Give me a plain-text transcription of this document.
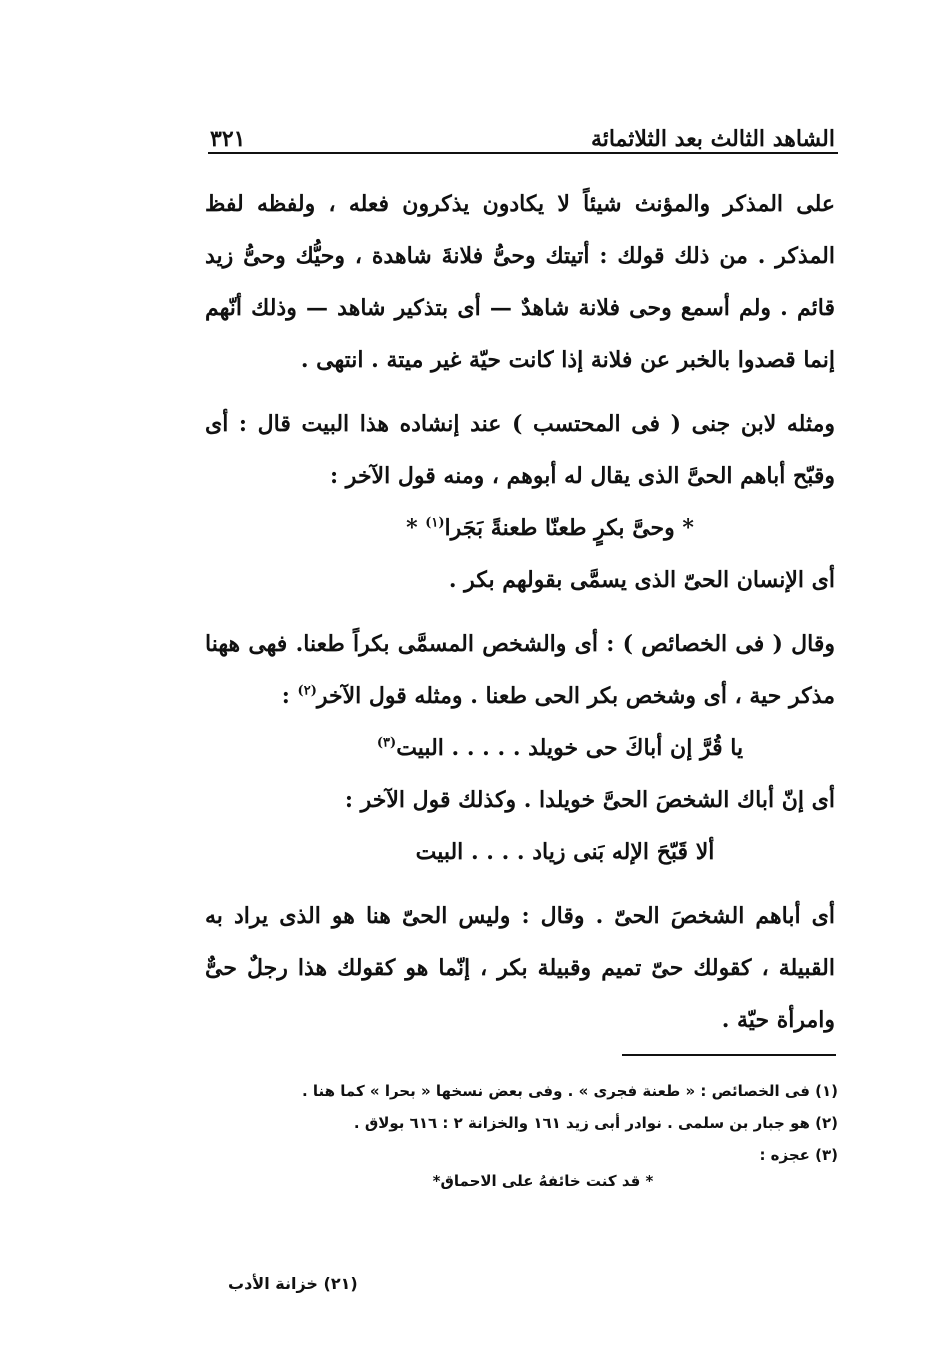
الشاهد الثالث بعد الثلاثمائة
٣٢١

على المذكر والمؤنث شيئاً لا يكادون يذكرون فعله ، ولفظه لفظ المذكر . من ذلك قولك : أتيتك وحىُّ فلانةَ شاهدة ، وحيُّك وحىُّ زيد قائم . ولم أسمع وحى فلانة شاهدٌ — أى بتذكير شاهد — وذلك أنّهم إنما قصدوا بالخبر عن فلانة إذا كانت حيّة غير ميتة . انتهى .

ومثله لابن جنى ( فى المحتسب ) عند إنشاده هذا البيت قال : أى وقبّح أباهم الحىَّ الذى يقال له أبوهم ، ومنه قول الآخر :

* وحىَّ بكرٍ طعنّا طعنةً بَجَرا$^{(١)}$ *

أى الإنسان الحىّ الذى يسمَّى بقولهم بكر .

وقال ( فى الخصائص ) : أى والشخص المسمَّى بكراً طعنا. فهى ههنا مذكر حية ، أى وشخص بكر الحى طعنا . ومثله قول الآخر$^{(٢)}$ :

يا قُرَّ إن أباكَ حى خويلد . . . . . البيت$^{(٣)}$

أى إنّ أباك الشخصَ الحىَّ خويلدا . وكذلك قول الآخر :

ألا قَبّحَ الإله بَنى زياد . . . . البيت

أى أباهم الشخصَ الحىّ . وقال : وليس الحىّ هنا هو الذى يراد به القبيلة ، كقولك حىّ تميم وقبيلة بكر ، إنّما هو كقولك هذا رجلٌ حىٌّ وامرأة حيّة .

(١) فى الخصائص : « طعنة فجرى » . وفى بعض نسخها « بحرا » كما هنا .

(٢) هو جبار بن سلمى . نوادر أبى زيد ١٦١ والخزانة ٢ : ٦١٦ بولاق .

(٣) عجزه :

* قد كنت خائفهُ على الاحماق*

(٢١) خزانة الأدب
